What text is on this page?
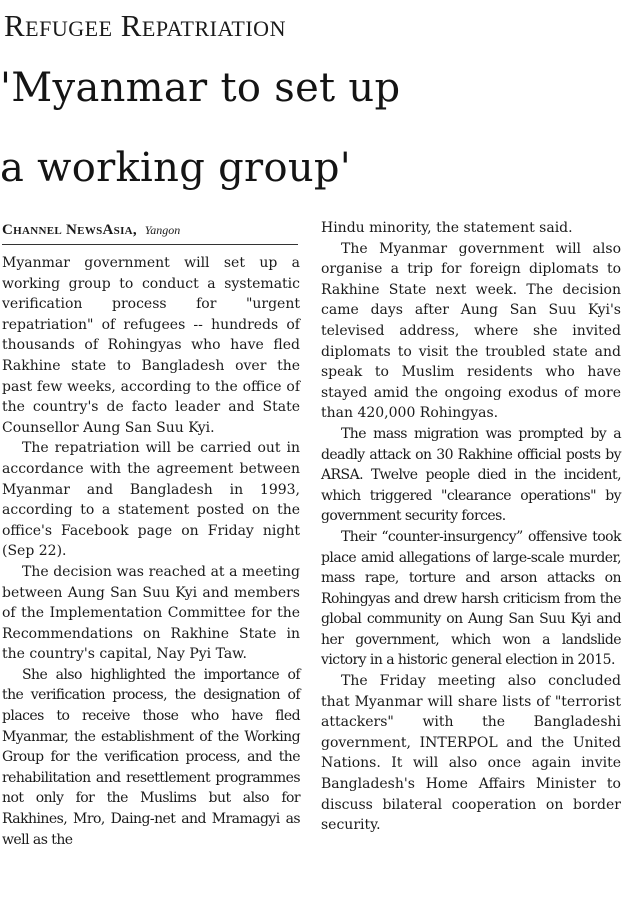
Refugee Repatriation
'Myanmar to set up
a working group'
Channel NewsAsia, Yangon

Myanmar government will set up a working group to conduct a systematic verification process for "urgent repatriation" of refugees -- hundreds of thousands of Rohingyas who have fled Rakhine state to Bangladesh over the past few weeks, according to the office of the country's de facto leader and State Counsellor Aung San Suu Kyi.

The repatriation will be carried out in accordance with the agreement between Myanmar and Bangladesh in 1993, according to a statement posted on the office's Facebook page on Friday night (Sep 22).

The decision was reached at a meeting between Aung San Suu Kyi and members of the Implementation Committee for the Recommendations on Rakhine State in the country's capital, Nay Pyi Taw.

She also highlighted the importance of the verification process, the designation of places to receive those who have fled Myanmar, the establishment of the Working Group for the verification process, and the rehabilitation and resettlement programmes not only for the Muslims but also for Rakhines, Mro, Daing-net and Mramagyi as well as the

Hindu minority, the statement said.

The Myanmar government will also organise a trip for foreign diplomats to Rakhine State next week. The decision came days after Aung San Suu Kyi's televised address, where she invited diplomats to visit the troubled state and speak to Muslim residents who have stayed amid the ongoing exodus of more than 420,000 Rohingyas.

The mass migration was prompted by a deadly attack on 30 Rakhine official posts by ARSA. Twelve people died in the incident, which triggered "clearance operations" by government security forces.

Their “counter-insurgency” offensive took place amid allegations of large-scale murder, mass rape, torture and arson attacks on Rohingyas and drew harsh criticism from the global community on Aung San Suu Kyi and her government, which won a landslide victory in a historic general election in 2015.

The Friday meeting also concluded that Myanmar will share lists of "terrorist attackers" with the Bangladeshi government, INTERPOL and the United Nations. It will also once again invite Bangladesh's Home Affairs Minister to discuss bilateral cooperation on border security.
